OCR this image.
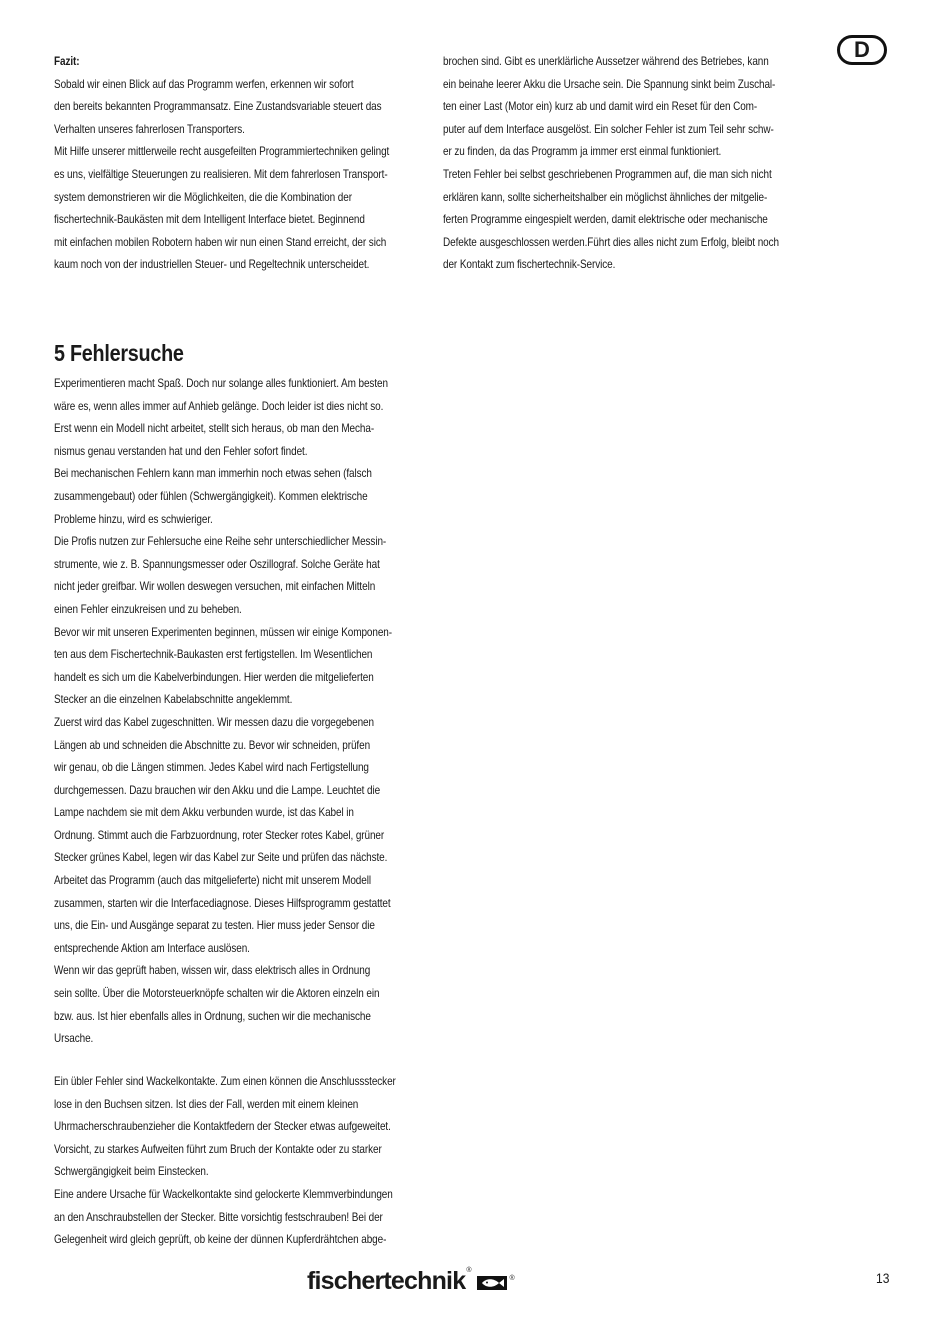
D
Fazit:
Sobald wir einen Blick auf das Programm werfen, erkennen wir sofort
den bereits bekannten Programmansatz. Eine Zustandsvariable steuert das
Verhalten unseres fahrerlosen Transporters.
Mit Hilfe unserer mittlerweile recht ausgefeilten Programmiertechniken gelingt
es uns, vielfältige Steuerungen zu realisieren. Mit dem fahrerlosen Transport-
system demonstrieren wir die Möglichkeiten, die die Kombination der
fischertechnik-Baukästen mit dem Intelligent Interface bietet. Beginnend
mit einfachen mobilen Robotern haben wir nun einen Stand erreicht, der sich
kaum noch von der industriellen Steuer- und Regeltechnik unterscheidet.
brochen sind. Gibt es unerklärliche Aussetzer während des Betriebes, kann
ein beinahe leerer Akku die Ursache sein. Die Spannung sinkt beim Zuschal-
ten einer Last (Motor ein) kurz ab und damit wird ein Reset für den Com-
puter auf dem Interface ausgelöst. Ein solcher Fehler ist zum Teil sehr schw-
er zu finden, da das Programm ja immer erst einmal funktioniert.
Treten Fehler bei selbst geschriebenen Programmen auf, die man sich nicht
erklären kann, sollte sicherheitshalber ein möglichst ähnliches der mitgelie-
ferten Programme eingespielt werden, damit elektrische oder mechanische
Defekte ausgeschlossen werden.Führt dies alles nicht zum Erfolg, bleibt noch
der Kontakt zum fischertechnik-Service.
5 Fehlersuche
Experimentieren macht Spaß. Doch nur solange alles funktioniert. Am besten
wäre es, wenn alles immer auf Anhieb gelänge. Doch leider ist dies nicht so.
Erst wenn ein Modell nicht arbeitet, stellt sich heraus, ob man den Mecha-
nismus genau verstanden hat und den Fehler sofort findet.
Bei mechanischen Fehlern kann man immerhin noch etwas sehen (falsch
zusammengebaut) oder fühlen (Schwergängigkeit). Kommen elektrische
Probleme hinzu, wird es schwieriger.
Die Profis nutzen zur Fehlersuche eine Reihe sehr unterschiedlicher Messin-
strumente, wie z. B. Spannungsmesser oder Oszillograf. Solche Geräte hat
nicht jeder greifbar. Wir wollen deswegen versuchen, mit einfachen Mitteln
einen Fehler einzukreisen und zu beheben.
Bevor wir mit unseren Experimenten beginnen, müssen wir einige Komponen-
ten aus dem Fischertechnik-Baukasten erst fertigstellen. Im Wesentlichen
handelt es sich um die Kabelverbindungen. Hier werden die mitgelieferten
Stecker an die einzelnen Kabelabschnitte angeklemmt.
Zuerst wird das Kabel zugeschnitten. Wir messen dazu die vorgegebenen
Längen ab und schneiden die Abschnitte zu. Bevor wir schneiden, prüfen
wir genau, ob die Längen stimmen. Jedes Kabel wird nach Fertigstellung
durchgemessen. Dazu brauchen wir den Akku und die Lampe. Leuchtet die
Lampe nachdem sie mit dem Akku verbunden wurde, ist das Kabel in
Ordnung. Stimmt auch die Farbzuordnung, roter Stecker rotes Kabel, grüner
Stecker grünes Kabel, legen wir das Kabel zur Seite und prüfen das nächste.
Arbeitet das Programm (auch das mitgelieferte) nicht mit unserem Modell
zusammen, starten wir die Interfacediagnose. Dieses Hilfsprogramm gestattet
uns, die Ein- und Ausgänge separat zu testen. Hier muss jeder Sensor die
entsprechende Aktion am Interface auslösen.
Wenn wir das geprüft haben, wissen wir, dass elektrisch alles in Ordnung
sein sollte. Über die Motorsteuerknöpfe schalten wir die Aktoren einzeln ein
bzw. aus. Ist hier ebenfalls alles in Ordnung, suchen wir die mechanische
Ursache.
Ein übler Fehler sind Wackelkontakte. Zum einen können die Anschlussstecker
lose in den Buchsen sitzen. Ist dies der Fall, werden mit einem kleinen
Uhrmacherschraubenzieher die Kontaktfedern der Stecker etwas aufgeweitet.
Vorsicht, zu starkes Aufweiten führt zum Bruch der Kontakte oder zu starker
Schwergängigkeit beim Einstecken.
Eine andere Ursache für Wackelkontakte sind gelockerte Klemmverbindungen
an den Anschraubstellen der Stecker. Bitte vorsichtig festschrauben! Bei der
Gelegenheit wird gleich geprüft, ob keine der dünnen Kupferdrähtchen abge-
fischertechnik ®
®	13
